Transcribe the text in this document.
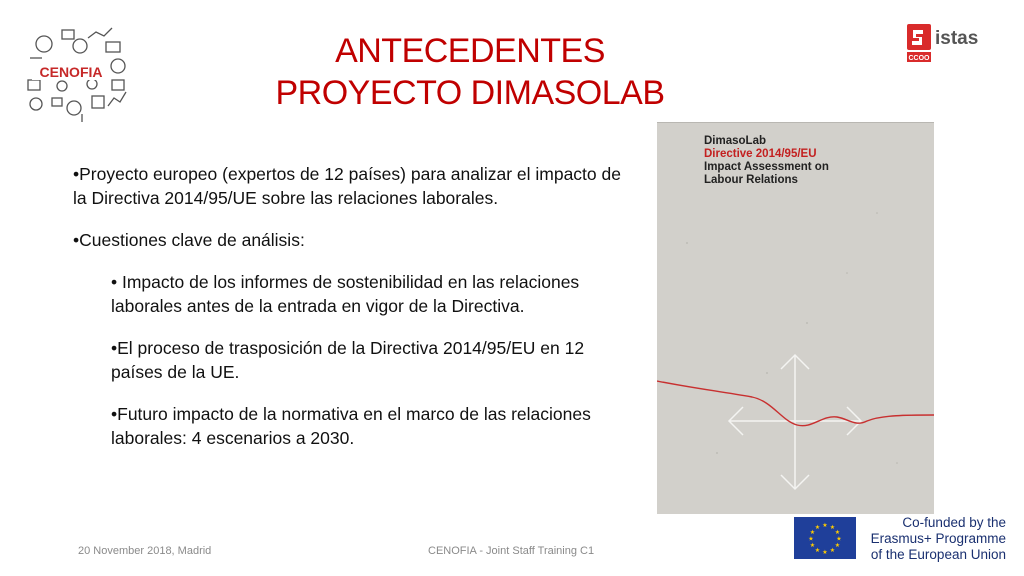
CENOFIA
CCOO
istas
ANTECEDENTES
PROYECTO DIMASOLAB

•Proyecto europeo (expertos de 12 países) para analizar el impacto de la Directiva 2014/95/UE sobre las relaciones laborales.

•Cuestiones clave de análisis:

• Impacto de los informes de sostenibilidad en las relaciones laborales antes de la entrada en vigor de la Directiva.

•El proceso de trasposición de la Directiva 2014/95/EU en 12 países de la UE.

•Futuro impacto de la normativa en el marco de las relaciones laborales: 4 escenarios a 2030.

DimasoLab
Directive 2014/95/EU
Impact Assessment on
Labour Relations
★ ★
★
★
★
★
★
★
★
★
★
★	Co-funded by the
Erasmus+ Programme
of the European Union
20 November 2018, Madrid	CENOFIA - Joint Staff Training C1
